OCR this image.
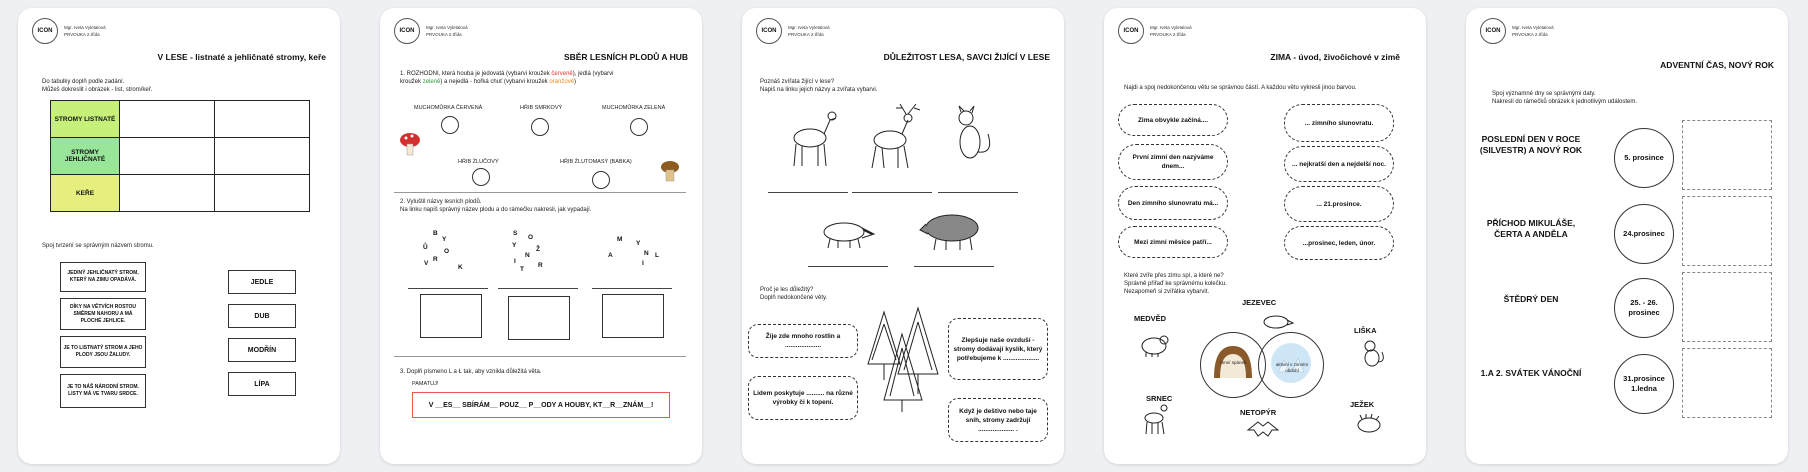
ICON
Mgr. Iveta Vyletalová
PRVOUKA 2.třída
V LESE - listnaté a jehličnaté stromy, keře
Do tabulky doplň podle zadání.
Můžeš dokreslit i obrázek - list, strom/keř.
STROMY LISTNATÉ		
STROMY JEHLIČNATÉ		
KEŘE		
Spoj tvrzení se správným názvem stromu.
JEDINÝ JEHLIČNATÝ STROM, KTERÝ NA ZIMU OPADÁVÁ.
DÍKY NA VĚTVÍCH ROSTOU SMĚREM NAHORU A MÁ PLOCHÉ JEHLICE.
JE TO LISTNATÝ STROM A JEHO PLODY JSOU ŽALUDY.
JE TO NÁŠ NÁRODNÍ STROM. LISTY MÁ VE TVARU SRDCE.
JEDLE
DUB
MODŘÍN
LÍPA
ICON
Mgr. Iveta Vyletalová
PRVOUKA 2.třída
SBĚR LESNÍCH PLODŮ A HUB
1. ROZHODNI, která houba je jedovatá (vybarvi kroužek červeně), jedlá (vybarvi
kroužek zeleně) a nejedlá - hořká chuť (vybarvi kroužek oranžově)
MUCHOMŮRKA ČERVENÁ	HŘIB SMRKOVÝ	MUCHOMŮRKA ZELENÁ
HŘIB ŽLUČOVÝ	HŘIB ŽLUTOMASÝ (BABKA)
2. Vyluštil názvy lesních plodů.
Na linku napiš správný název plodu a do rámečku nakresli, jak vypadají.
B
Y
Ů
O
R
V
K
S
O
Y
Ž
N
I
T
R
M
Y
A	L
N
I
3. Doplň písmeno L a Ł tak, aby vznikla důležitá věta.
PAMATUJ!
V __ES__ SBÍRÁM__ POUZ__ P__ODY A HOUBY, KT__R__ZNÁM__!
ICON
Mgr. Iveta Vyletalová
PRVOUKA 2.třída
DŮLEŽITOST LESA, SAVCI ŽIJÍCÍ V LESE
Poznáš zvířata žijící v lese?
Napiš na linku jejich názvy a zvířata vybarvi.
Proč je les důležitý?
Doplň nedokončené věty.
Žije zde mnoho rostlin a ....................
Zlepšuje naše ovzduší - stromy dodávají kyslík, který potřebujeme k ....................
Lidem poskytuje .......... na různé výrobky či k topení.
Když je deštivo nebo taje sníh, stromy zadržují .................... .
ICON
Mgr. Iveta Vyletalová
PRVOUKA 2.třída
ZIMA - úvod, živočichové v zimě
Najdi a spoj nedokončenou větu se správnou částí. A každou větu vykresli jinou barvou.
Zima obvykle začíná....
První zimní den nazýváme dnem...
Den zimního slunovratu má...
Mezi zimní měsíce patří...
... zimního slunovratu.
... nejkratší den a nejdelší noc.
... 21.prosince.
...prosinec, leden, únor.
Které zvíře přes zimu spí, a které ne?
Správně přiřaď ke správnému kolečku.
Nezapomeň si zvířátka vybarvit.
MEDVĚD
JEZEVEC
LIŠKA
SRNEC
NETOPÝR
JEŽEK
zimní spánek	aktivní v zimním období
ICON
Mgr. Iveta Vyletalová
PRVOUKA 2.třída
ADVENTNÍ ČAS, NOVÝ ROK
Spoj významné dny se správnými daty.
Nakresli do rámečků obrázek k jednotlivým událostem.
POSLEDNÍ DEN V ROCE (SILVESTR) A NOVÝ ROK
PŘÍCHOD MIKULÁŠE, ČERTA A ANDĚLA
ŠTĚDRÝ DEN
1.A 2. SVÁTEK VÁNOČNÍ
5. prosince
24.prosinec
25. - 26. prosinec
31.prosince 1.ledna
